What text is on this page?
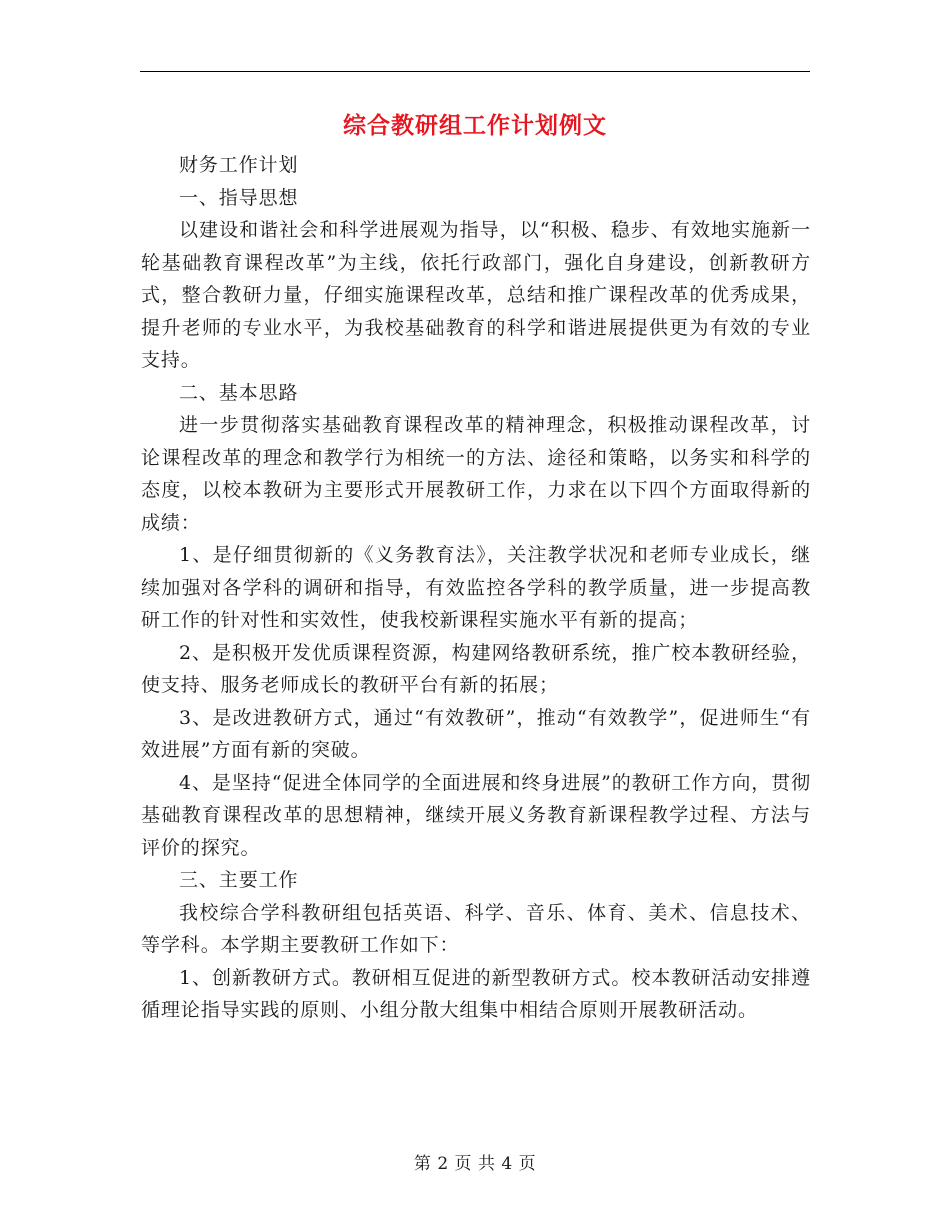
综合教研组工作计划例文

财务工作计划

一、指导思想

以建设和谐社会和科学进展观为指导，以“积极、稳步、有效地实施新一轮基础教育课程改革”为主线，依托行政部门，强化自身建设，创新教研方式，整合教研力量，仔细实施课程改革，总结和推广课程改革的优秀成果，提升老师的专业水平，为我校基础教育的科学和谐进展提供更为有效的专业支持。

二、基本思路

进一步贯彻落实基础教育课程改革的精神理念，积极推动课程改革，讨论课程改革的理念和教学行为相统一的方法、途径和策略，以务实和科学的态度，以校本教研为主要形式开展教研工作，力求在以下四个方面取得新的成绩：

1、是仔细贯彻新的《义务教育法》，关注教学状况和老师专业成长，继续加强对各学科的调研和指导，有效监控各学科的教学质量，进一步提高教研工作的针对性和实效性，使我校新课程实施水平有新的提高；

2、是积极开发优质课程资源，构建网络教研系统，推广校本教研经验，使支持、服务老师成长的教研平台有新的拓展；

3、是改进教研方式，通过“有效教研”，推动“有效教学”，促进师生“有效进展”方面有新的突破。

4、是坚持“促进全体同学的全面进展和终身进展”的教研工作方向，贯彻基础教育课程改革的思想精神，继续开展义务教育新课程教学过程、方法与评价的探究。

三、主要工作

我校综合学科教研组包括英语、科学、音乐、体育、美术、信息技术、等学科。本学期主要教研工作如下：

1、创新教研方式。教研相互促进的新型教研方式。校本教研活动安排遵循理论指导实践的原则、小组分散大组集中相结合原则开展教研活动。

第 2 页 共 4 页
